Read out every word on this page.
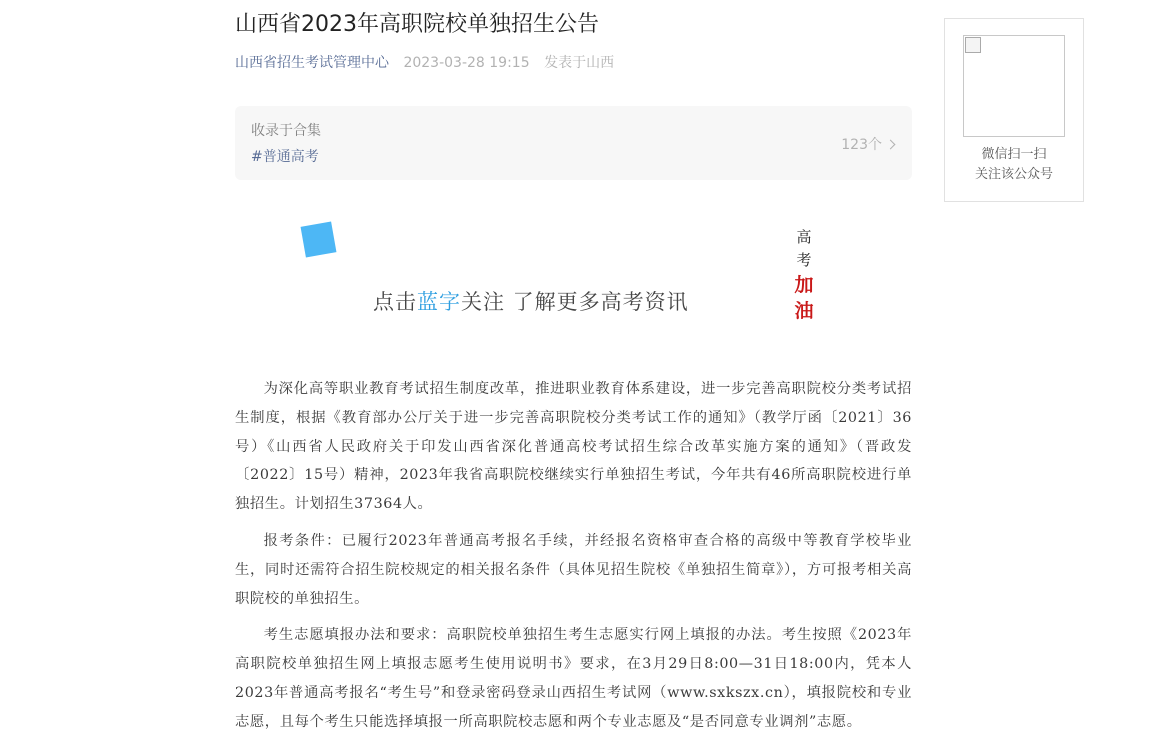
山西省2023年高职院校单独招生公告
山西省招生考试管理中心 2023-03-28 19:15 发表于山西
收录于合集
#普通高考
123个
点击蓝字关注 了解更多高考资讯
高
考
加
油

为深化高等职业教育考试招生制度改革，推进职业教育体系建设，进一步完善高职院校分类考试招生制度，根据《教育部办公厅关于进一步完善高职院校分类考试工作的通知》（教学厅函〔2021〕36号）《山西省人民政府关于印发山西省深化普通高校考试招生综合改革实施方案的通知》（晋政发〔2022〕15号）精神，2023年我省高职院校继续实行单独招生考试，今年共有46所高职院校进行单独招生。计划招生37364人。

报考条件：已履行2023年普通高考报名手续，并经报名资格审查合格的高级中等教育学校毕业生，同时还需符合招生院校规定的相关报名条件（具体见招生院校《单独招生简章》），方可报考相关高职院校的单独招生。

考生志愿填报办法和要求：高职院校单独招生考生志愿实行网上填报的办法。考生按照《2023年高职院校单独招生网上填报志愿考生使用说明书》要求，在3月29日8:00—31日18:00内，凭本人2023年普通高考报名“考生号”和登录密码登录山西招生考试网（www.sxkszx.cn），填报院校和专业志愿，且每个考生只能选择填报一所高职院校志愿和两个专业志愿及“是否同意专业调剂”志愿。

微信扫一扫
关注该公众号
